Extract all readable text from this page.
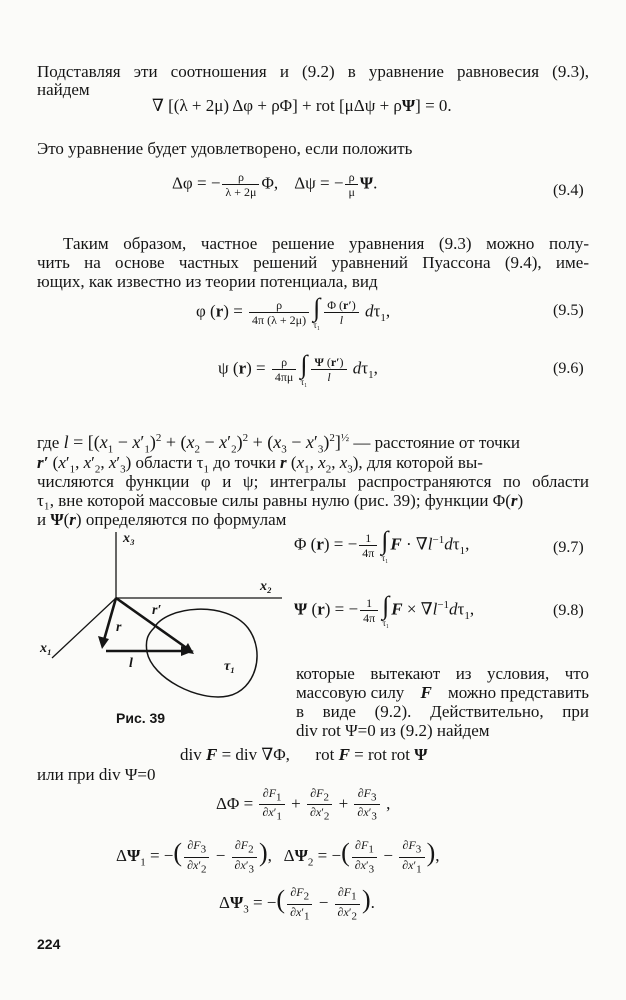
Подставляя эти соотношения и (9.2) в уравнение равновесия (9.3),
найдем
∇ [(λ + 2μ) Δφ + ρΦ] + rot [μΔψ + ρΨ] = 0.
Это уравнение будет удовлетворено, если положить
Δφ = − $\frac{\rho}{\lambda + 2\mu} \Phi$,    Δψ = − $\frac{\rho}{\mu} \Psi$.	(9.4)
Таким образом, частное решение уравнения (9.3) можно полу-
чить на основе частных решений уравнений Пуассона (9.4), име-
ющих, как известно из теории потенциала, вид
φ $(r) = \frac{\rho}{4\pi (\lambda + 2\mu)}$ ∫
$\tau_1 \frac{\Phi (r')}{l} d\tau_1$,	(9.5)
ψ $(r) = \frac{\rho}{4\pi\mu}$ ∫
$\tau_1 \frac{\Psi (r')}{l} d\tau_1$,	(9.6)
где $l = [(x_1 - x'_1)^2 + (x_2 - x'_2)^2 + (x_3 - x'_3)^2]^{\frac{1}{2}}$ — расстояние от точки
r′ ($x'_1$, $x'_2$, $x'_3$) области $\tau_1$ до точки r ($x_1$, $x_2$, $x_3$), для которой вы-
числяются функции φ и ψ; интегралы распространяются по области
τ₁, вне которой массовые силы равны нулю (рис. 39); функции Φ(r)
и Ψ(r) определяются по формулам
x₃
x₂
x₁
r
r′
l	τ₁
Рис. 39
Φ (r) = − $\frac{1}{4\pi}$ ∫
τ₁
$F \cdot \nabla l^{-1}d\tau_1$,	(9.7)
Ψ (r) = − $\frac{1}{4\pi}$ ∫
τ₁
$F \times \nabla l^{-1}d\tau_1$,	(9.8)
которые вытекают из условия, что
массовую силу F можно представить
в виде (9.2). Действительно, при
div rot Ψ=0 из (9.2) найдем
div F = div ∇Φ,      rot F = rot rot Ψ
или при div Ψ=0
$\Delta\Phi = \frac{\partial F_1}{\partial x'_1} + \frac{\partial F_2}{\partial x'_2} + \frac{\partial F_3}{\partial x'_3}$ ,
$\Delta\Psi_1$ = −( $\frac{\partial F_3}{\partial x'_2} - \frac{\partial F_2}{\partial x'_3}$ ),   $\Delta\Psi_2$ = −( $\frac{\partial F_1}{\partial x'_3} - \frac{\partial F_3}{\partial x'_1}$ ),
$\Delta\Psi_3$ = −( $\frac{\partial F_2}{\partial x'_1} - \frac{\partial F_1}{\partial x'_2}$ ).
224
